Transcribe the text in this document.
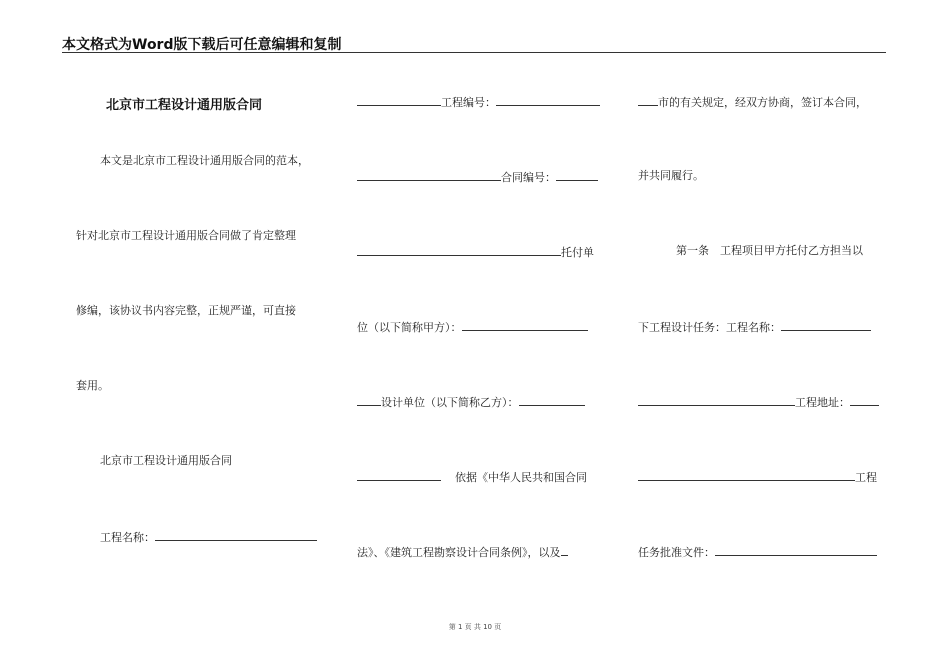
本文格式为Word版下载后可任意编辑和复制
北京市工程设计通用版合同
本文是北京市工程设计通用版合同的范本，
针对北京市工程设计通用版合同做了肯定整理
修编，该协议书内容完整，正规严谨，可直接
套用。
北京市工程设计通用版合同
工程名称：
工程编号：
合同编号：
托付单
位（以下简称甲方）：
设计单位（以下简称乙方）：
依据《中华人民共和国合同
法》、《建筑工程勘察设计合同条例》，以及
市的有关规定，经双方协商，签订本合同，
并共同履行。
第一条　工程项目甲方托付乙方担当以
下工程设计任务：工程名称：
工程地址：
工程
任务批准文件：
第 1 页 共 10 页
